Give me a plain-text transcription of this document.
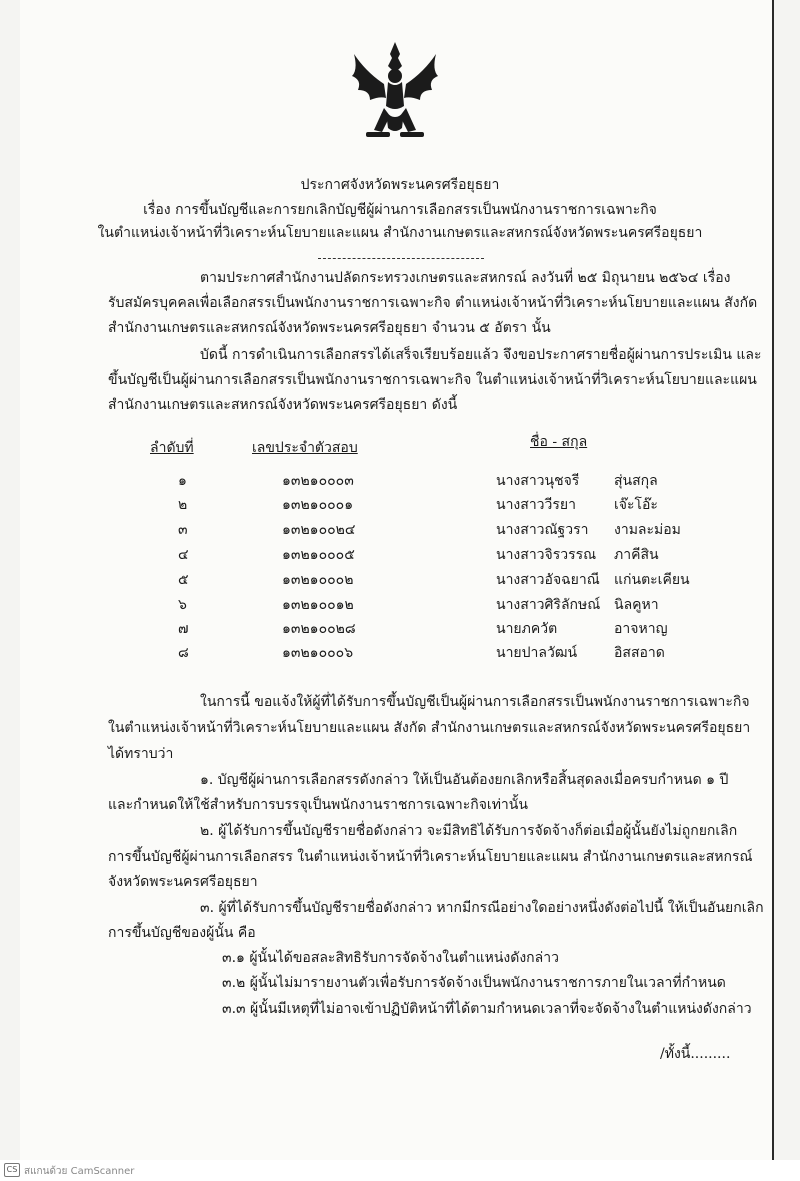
ประกาศจังหวัดพระนครศรีอยุธยา
เรื่อง การขึ้นบัญชีและการยกเลิกบัญชีผู้ผ่านการเลือกสรรเป็นพนักงานราชการเฉพาะกิจ
ในตำแหน่งเจ้าหน้าที่วิเคราะห์นโยบายและแผน สำนักงานเกษตรและสหกรณ์จังหวัดพระนครศรีอยุธยา
ตามประกาศสำนักงานปลัดกระทรวงเกษตรและสหกรณ์ ลงวันที่ ๒๕ มิถุนายน ๒๕๖๔ เรื่อง
รับสมัครบุคคลเพื่อเลือกสรรเป็นพนักงานราชการเฉพาะกิจ ตำแหน่งเจ้าหน้าที่วิเคราะห์นโยบายและแผน สังกัด
สำนักงานเกษตรและสหกรณ์จังหวัดพระนครศรีอยุธยา จำนวน ๕ อัตรา นั้น
บัดนี้ การดำเนินการเลือกสรรได้เสร็จเรียบร้อยแล้ว จึงขอประกาศรายชื่อผู้ผ่านการประเมิน และ
ขึ้นบัญชีเป็นผู้ผ่านการเลือกสรรเป็นพนักงานราชการเฉพาะกิจ ในตำแหน่งเจ้าหน้าที่วิเคราะห์นโยบายและแผน
สำนักงานเกษตรและสหกรณ์จังหวัดพระนครศรีอยุธยา ดังนี้
ลำดับที่	เลขประจำตัวสอบ	ชื่อ - สกุล
๑	๑๓๒๑๐๐๐๓	นางสาวนุชจรี สุ่นสกุล
๒	๑๓๒๑๐๐๐๑	นางสาววีรยา	เจ๊ะโอ๊ะ
๓	๑๓๒๑๐๐๒๔	นางสาวณัฐวรา งามละม่อม
๔	๑๓๒๑๐๐๐๕	นางสาวจิรวรรณ ภาคีสิน
๕	๑๓๒๑๐๐๐๒	นางสาวอัจฉยาณี แก่นตะเคียน
๖	๑๓๒๑๐๐๑๒	นางสาวศิริลักษณ์ นิลคูหา
๗	๑๓๒๑๐๐๒๘	นายภควัต	อาจหาญ
๘	๑๓๒๑๐๐๐๖	นายปาลวัฒน์	อิสสอาด
ในการนี้ ขอแจ้งให้ผู้ที่ได้รับการขึ้นบัญชีเป็นผู้ผ่านการเลือกสรรเป็นพนักงานราชการเฉพาะกิจ
ในตำแหน่งเจ้าหน้าที่วิเคราะห์นโยบายและแผน สังกัด สำนักงานเกษตรและสหกรณ์จังหวัดพระนครศรีอยุธยา
ได้ทราบว่า
๑. บัญชีผู้ผ่านการเลือกสรรดังกล่าว ให้เป็นอันต้องยกเลิกหรือสิ้นสุดลงเมื่อครบกำหนด ๑ ปี
และกำหนดให้ใช้สำหรับการบรรจุเป็นพนักงานราชการเฉพาะกิจเท่านั้น
๒. ผู้ได้รับการขึ้นบัญชีรายชื่อดังกล่าว จะมีสิทธิได้รับการจัดจ้างก็ต่อเมื่อผู้นั้นยังไม่ถูกยกเลิก
การขึ้นบัญชีผู้ผ่านการเลือกสรร ในตำแหน่งเจ้าหน้าที่วิเคราะห์นโยบายและแผน สำนักงานเกษตรและสหกรณ์
จังหวัดพระนครศรีอยุธยา
๓. ผู้ที่ได้รับการขึ้นบัญชีรายชื่อดังกล่าว หากมีกรณีอย่างใดอย่างหนึ่งดังต่อไปนี้ ให้เป็นอันยกเลิก
การขึ้นบัญชีของผู้นั้น คือ
๓.๑ ผู้นั้นได้ขอสละสิทธิรับการจัดจ้างในตำแหน่งดังกล่าว
๓.๒ ผู้นั้นไม่มารายงานตัวเพื่อรับการจัดจ้างเป็นพนักงานราชการภายในเวลาที่กำหนด
๓.๓ ผู้นั้นมีเหตุที่ไม่อาจเข้าปฏิบัติหน้าที่ได้ตามกำหนดเวลาที่จะจัดจ้างในตำแหน่งดังกล่าว
/ทั้งนี้.........
CS สแกนด้วย CamScanner
